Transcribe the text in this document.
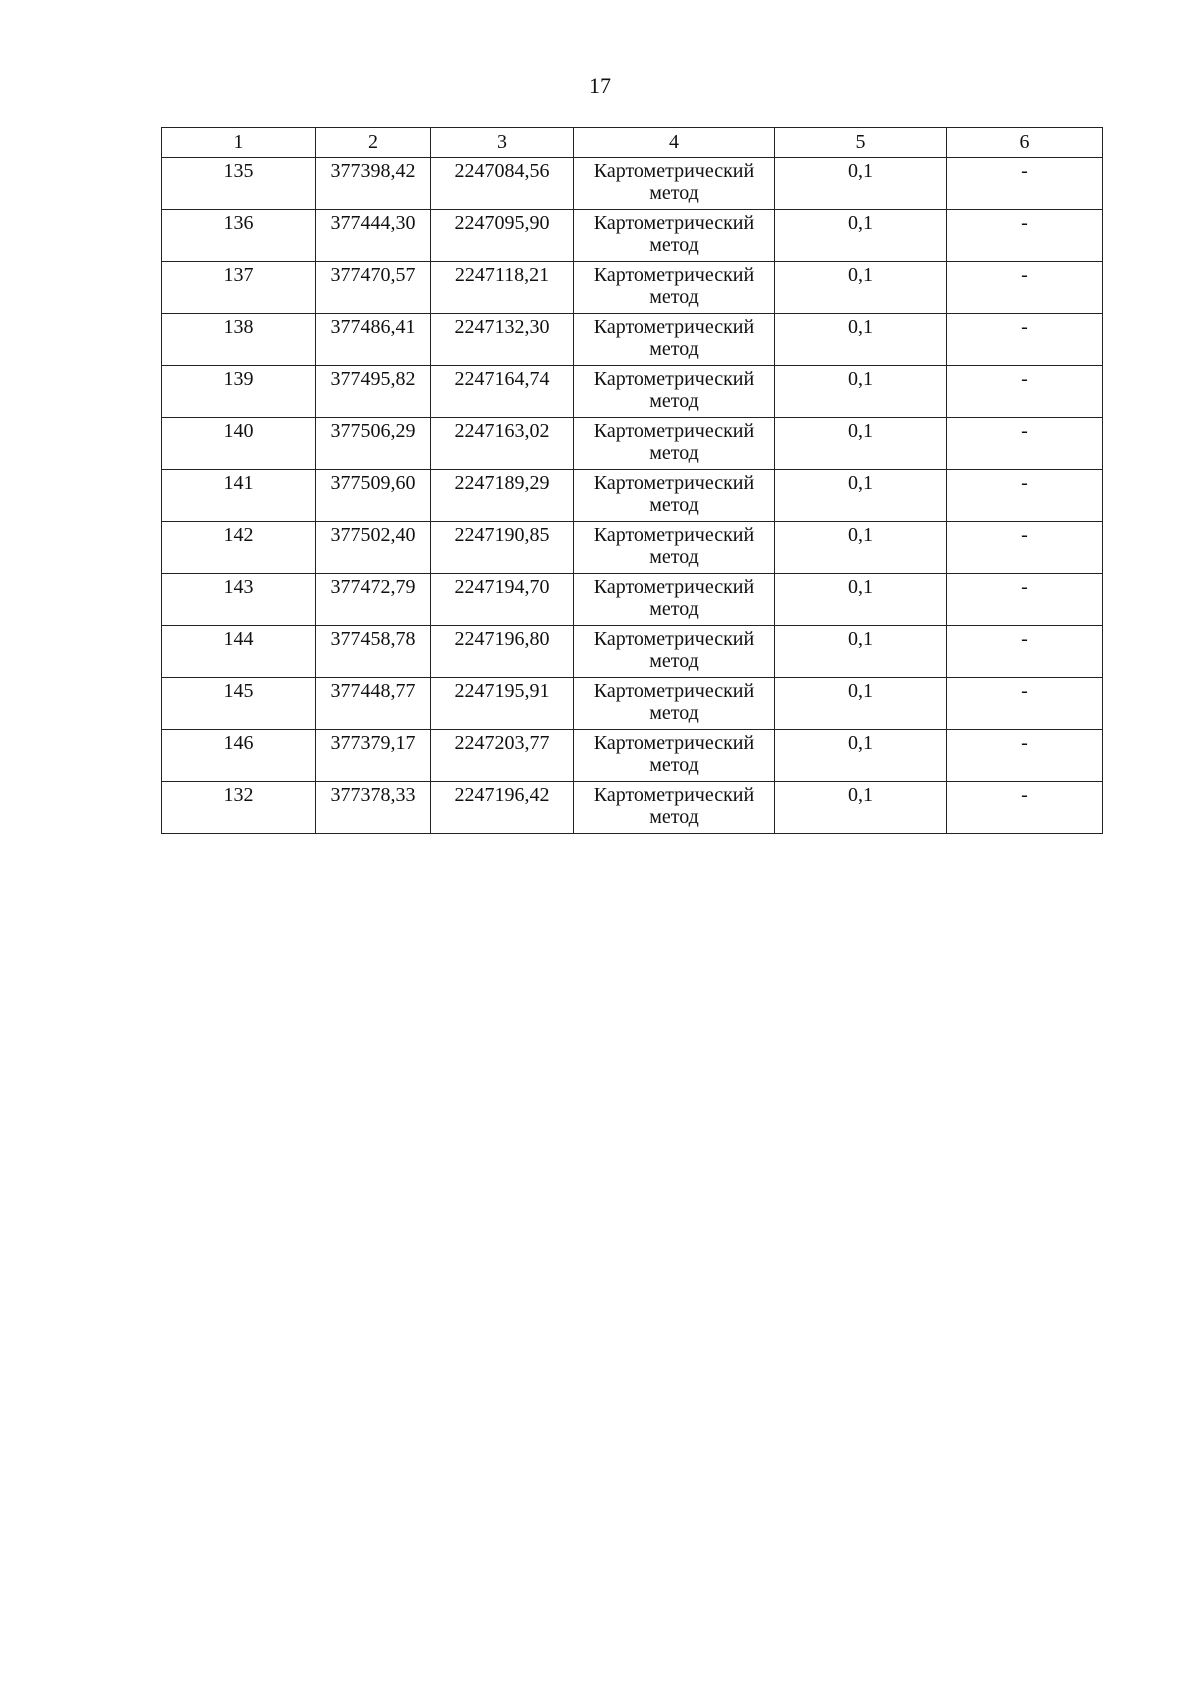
17
1	2	3	4	5	6
135	377398,42	2247084,56	Картометрический метод	0,1	-
136	377444,30	2247095,90	Картометрический метод	0,1	-
137	377470,57	2247118,21	Картометрический метод	0,1	-
138	377486,41	2247132,30	Картометрический метод	0,1	-
139	377495,82	2247164,74	Картометрический метод	0,1	-
140	377506,29	2247163,02	Картометрический метод	0,1	-
141	377509,60	2247189,29	Картометрический метод	0,1	-
142	377502,40	2247190,85	Картометрический метод	0,1	-
143	377472,79	2247194,70	Картометрический метод	0,1	-
144	377458,78	2247196,80	Картометрический метод	0,1	-
145	377448,77	2247195,91	Картометрический метод	0,1	-
146	377379,17	2247203,77	Картометрический метод	0,1	-
132	377378,33	2247196,42	Картометрический метод	0,1	-
